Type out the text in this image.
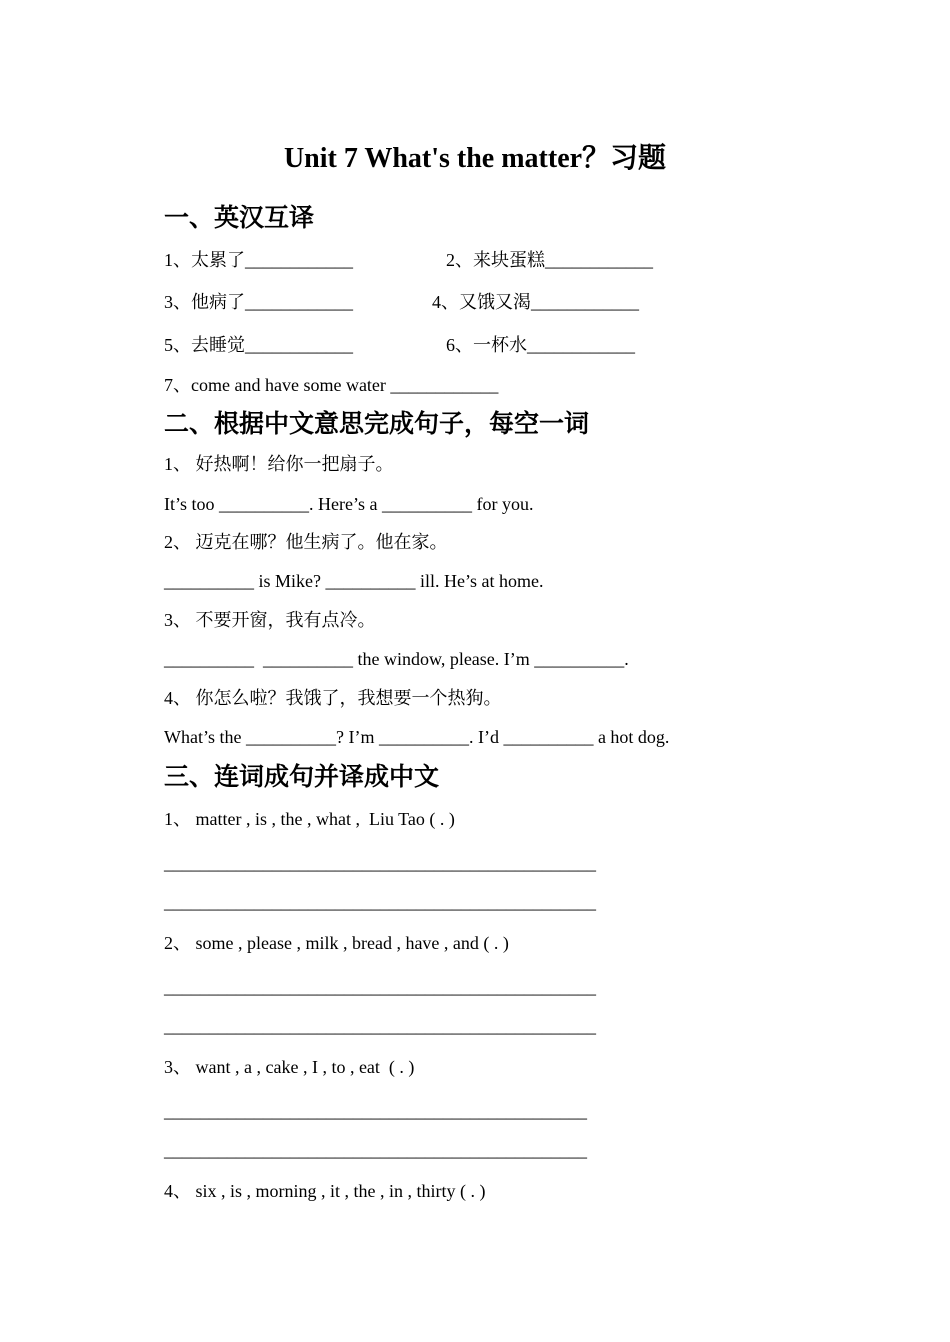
Unit 7 What's the matter？习题
一、英汉互译
1、太累了____________	2、来块蛋糕____________
3、他病了____________	4、又饿又渴____________
5、去睡觉____________	6、一杯水____________
7、come and have some water ____________
二、根据中文意思完成句子，每空一词
1、 好热啊！给你一把扇子。
It’s too __________. Here’s a __________ for you.
2、 迈克在哪？他生病了。他在家。
__________ is Mike? __________ ill. He’s at home.
3、 不要开窗，我有点冷。
__________  __________ the window, please. I’m __________.
4、 你怎么啦？我饿了，我想要一个热狗。
What’s the __________? I’m __________. I’d __________ a hot dog.
三、连词成句并译成中文
1、 matter , is , the , what ,  Liu Tao ( . )
________________________________________________
________________________________________________
2、 some , please , milk , bread , have , and ( . )
________________________________________________
________________________________________________
3、 want , a , cake , I , to , eat  ( . )
_______________________________________________
_______________________________________________
4、 six , is , morning , it , the , in , thirty ( . )
